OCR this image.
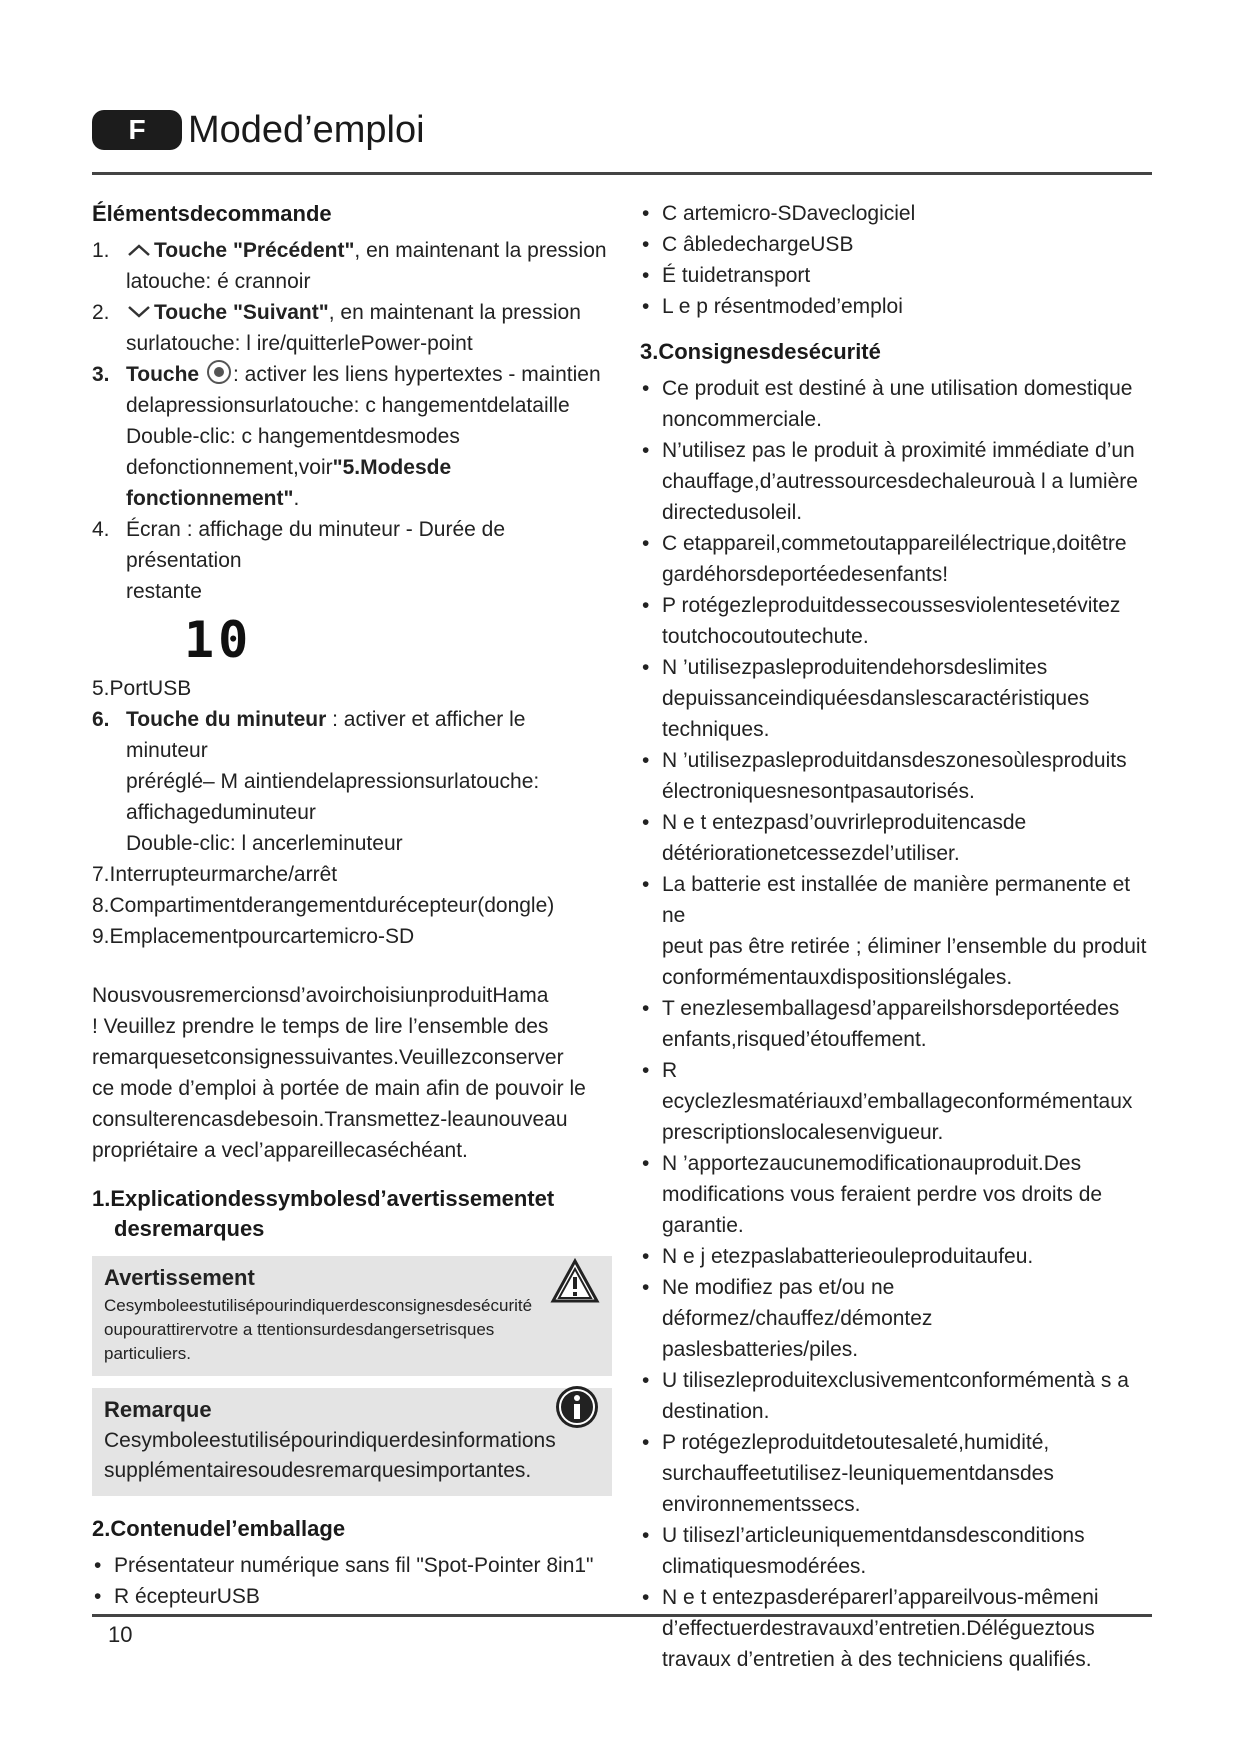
F	Moded’emploi
Élémentsdecommande
1. Touche "Précédent", en maintenant la pression
latouche: é crannoir
2. Touche "Suivant", en maintenant la pression
surlatouche: l ire/quitterlePower-point
3. Touche : activer les liens hypertextes - maintien
delapressionsurlatouche: c hangementdelataille
Double-clic: c hangementdesmodes
defonctionnement,voir"5.Modesde
fonctionnement".
4. Écran : affichage du minuteur - Durée de présentation
restante
10
5.PortUSB
6. Touche du minuteur : activer et afficher le minuteur
préréglé– M aintiendelapressionsurlatouche:
affichageduminuteur
Double-clic: l ancerleminuteur
7.Interrupteurmarche/arrêt
8.Compartimentderangementdurécepteur(dongle)
9.Emplacementpourcartemicro-SD
Nousvousremercionsd’avoirchoisiunproduitHama
! Veuillez prendre le temps de lire l’ensemble des
remarquesetconsignessuivantes.Veuillezconserver
ce mode d’emploi à portée de main afin de pouvoir le
consulterencasdebesoin.Transmettez-leaunouveau
propriétaire a vecl’appareillecaséchéant.
1.Explicationdessymbolesd’avertissementet
desremarques
Avertissement
Cesymboleestutilisépourindiquerdesconsignesdesécurité
oupourattirervotre a ttentionsurdesdangersetrisques
particuliers.
Remarque
Cesymboleestutilisépourindiquerdesinformations
supplémentairesoudesremarquesimportantes.
2.Contenudel’emballage
• Présentateur numérique sans fil "Spot-Pointer 8in1"
• R écepteurUSB
• C artemicro-SDaveclogiciel
• C âbledechargeUSB
• É tuidetransport
• L e p résentmoded’emploi
3.Consignesdesécurité
• Ce produit est destiné à une utilisation domestique
noncommerciale.
• N’utilisez pas le produit à proximité immédiate d’un
chauffage,d’autressourcesdechaleurouà l a lumière
directedusoleil.
• C etappareil,commetoutappareilélectrique,doitêtre
gardéhorsdeportéedesenfants!
• P rotégezleproduitdessecoussesviolentesetévitez
toutchocoutoutechute.
• N ’utilisezpasleproduitendehorsdeslimites
depuissanceindiquéesdanslescaractéristiques
techniques.
• N ’utilisezpasleproduitdansdeszonesoùlesproduits
électroniquesnesontpasautorisés.
• N e t entezpasd’ouvrirleproduitencasde
détériorationetcessezdel’utiliser.
• La batterie est installée de manière permanente et ne
peut pas être retirée ; éliminer l’ensemble du produit
conformémentauxdispositionslégales.
• T enezlesemballagesd’appareilshorsdeportéedes
enfants,risqued’étouffement.
• R ecyclezlesmatériauxd’emballageconformémentaux
prescriptionslocalesenvigueur.
• N ’apportezaucunemodificationauproduit.Des
modifications vous feraient perdre vos droits de
garantie.
• N e j etezpaslabatterieouleproduitaufeu.
• Ne modifiez pas et/ou ne déformez/chauffez/démontez
paslesbatteries/piles.
• U tilisezleproduitexclusivementconformémentà s a
destination.
• P rotégezleproduitdetoutesaleté,humidité,
surchauffeetutilisez-leuniquementdansdes
environnementssecs.
• U tilisezl’articleuniquementdansdesconditions
climatiquesmodérées.
• N e t entezpasderéparerl’appareilvous-mêmeni
d’effectuerdestravauxd’entretien.Délégueztous
travaux d’entretien à des techniciens qualifiés.
10
